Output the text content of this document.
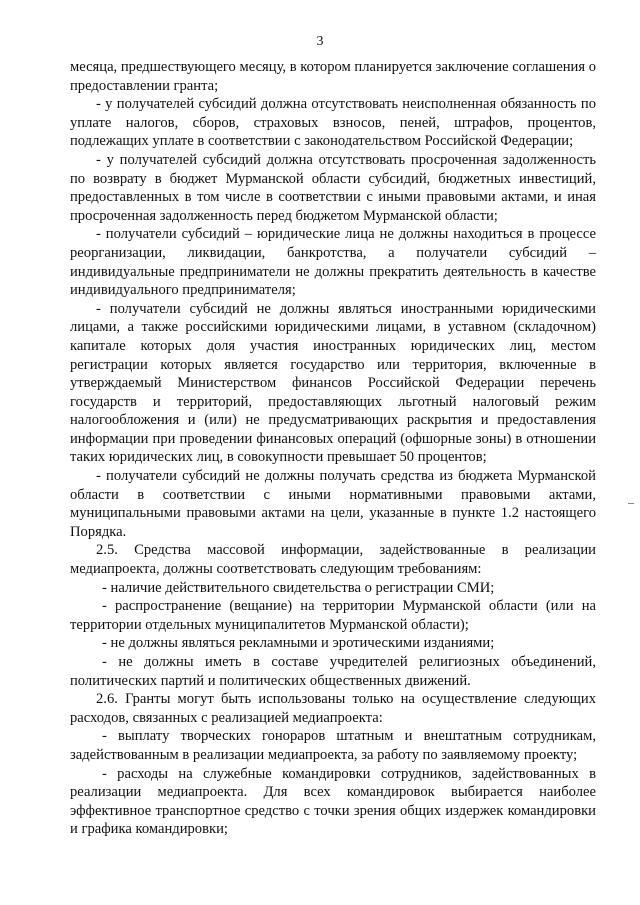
3

месяца, предшествующего месяцу, в котором планируется заключение соглашения о предоставлении гранта;

- у получателей субсидий должна отсутствовать неисполненная обязанность по уплате налогов, сборов, страховых взносов, пеней, штрафов, процентов, подлежащих уплате в соответствии с законодательством Российской Федерации;

- у получателей субсидий должна отсутствовать просроченная задолженность по возврату в бюджет Мурманской области субсидий, бюджетных инвестиций, предоставленных в том числе в соответствии с иными правовыми актами, и иная просроченная задолженность перед бюджетом Мурманской области;

- получатели субсидий – юридические лица не должны находиться в процессе реорганизации, ликвидации, банкротства, а получатели субсидий – индивидуальные предприниматели не должны прекратить деятельность в качестве индивидуального предпринимателя;

- получатели субсидий не должны являться иностранными юридическими лицами, а также российскими юридическими лицами, в уставном (складочном) капитале которых доля участия иностранных юридических лиц, местом регистрации которых является государство или территория, включенные в утверждаемый Министерством финансов Российской Федерации перечень государств и территорий, предоставляющих льготный налоговый режим налогообложения и (или) не предусматривающих раскрытия и предоставления информации при проведении финансовых операций (офшорные зоны) в отношении таких юридических лиц, в совокупности превышает 50 процентов;

- получатели субсидий не должны получать средства из бюджета Мурманской области в соответствии с иными нормативными правовыми актами, муниципальными правовыми актами на цели, указанные в пункте 1.2 настоящего Порядка.

2.5. Средства массовой информации, задействованные в реализации медиапроекта, должны соответствовать следующим требованиям:

- наличие действительного свидетельства о регистрации СМИ;

- распространение (вещание) на территории Мурманской области (или на территории отдельных муниципалитетов Мурманской области);

- не должны являться рекламными и эротическими изданиями;

- не должны иметь в составе учредителей религиозных объединений, политических партий и политических общественных движений.

2.6. Гранты могут быть использованы только на осуществление следующих расходов, связанных с реализацией медиапроекта:

- выплату творческих гонораров штатным и внештатным сотрудникам, задействованным в реализации медиапроекта, за работу по заявляемому проекту;

- расходы на служебные командировки сотрудников, задействованных в реализации медиапроекта. Для всех командировок выбирается наиболее эффективное транспортное средство с точки зрения общих издержек командировки и графика командировки;
